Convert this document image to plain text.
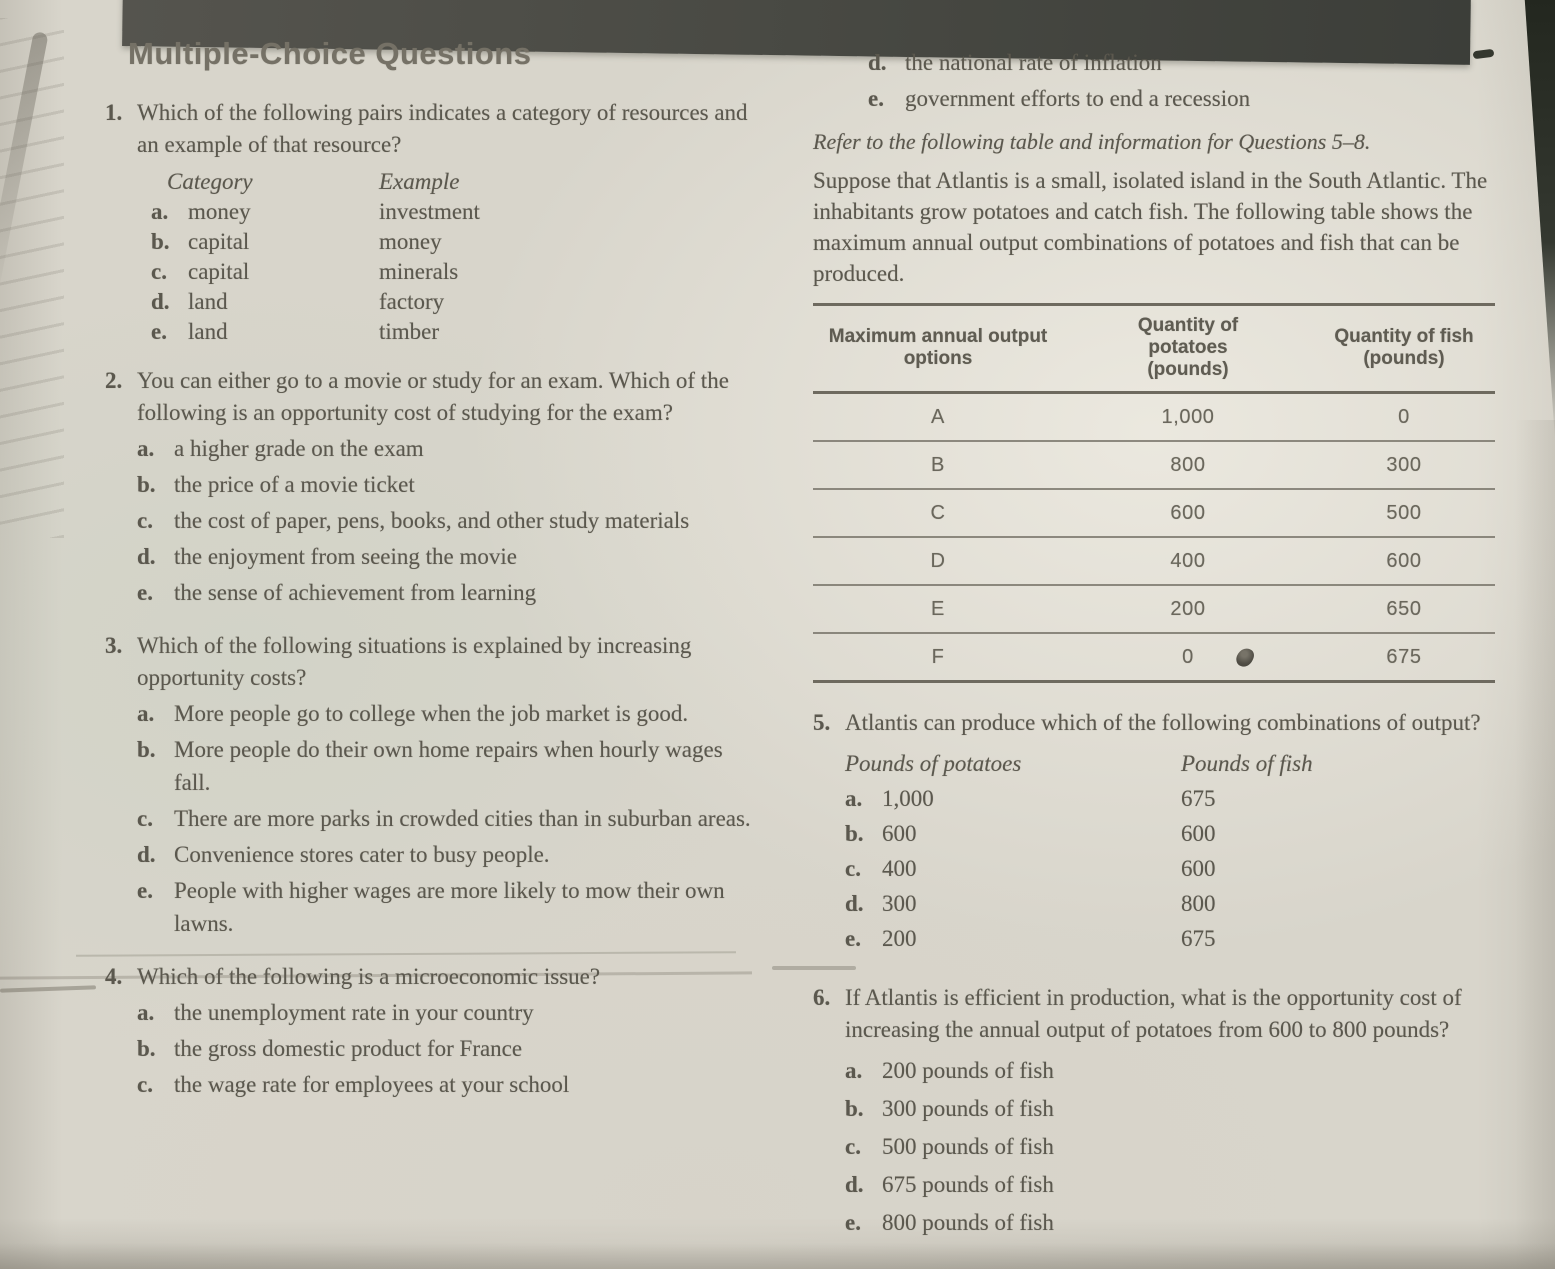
Multiple-Choice Questions
1. Which of the following pairs indicates a category of resources and an example of that resource?

Category	Example
a. money	investment
b. capital	money
c. capital	minerals
d. land	factory
e. land	timber
2. You can either go to a movie or study for an exam. Which of the following is an opportunity cost of studying for the exam?

a. a higher grade on the exam
b. the price of a movie ticket
c. the cost of paper, pens, books, and other study materials
d. the enjoyment from seeing the movie
e. the sense of achievement from learning
3. Which of the following situations is explained by increasing opportunity costs?

a. More people go to college when the job market is good.
b. More people do their own home repairs when hourly wages fall.
c. There are more parks in crowded cities than in suburban areas.
d. Convenience stores cater to busy people.
e. People with higher wages are more likely to mow their own lawns.
4. Which of the following is a microeconomic issue?

a. the unemployment rate in your country
b. the gross domestic product for France
c. the wage rate for employees at your school
d. the national rate of inflation
e. government efforts to end a recession

Refer to the following table and information for Questions 5–8.

Suppose that Atlantis is a small, isolated island in the South Atlantic. The inhabitants grow potatoes and catch fish. The following table shows the maximum annual output combinations of potatoes and fish that can be produced.

Maximum annual output options	Quantity of potatoes (pounds)	Quantity of fish (pounds)
A	1,000	0
B	800	300
C	600	500
D	400	600
E	200	650
F	0	675
5. Atlantis can produce which of the following combinations of output?

Pounds of potatoes	Pounds of fish
a. 1,000	675
b. 600	600
c. 400	600
d. 300	800
e. 200	675
6. If Atlantis is efficient in production, what is the opportunity cost of increasing the annual output of potatoes from 600 to 800 pounds?

a. 200 pounds of fish
b. 300 pounds of fish
c. 500 pounds of fish
d. 675 pounds of fish
e. 800 pounds of fish
